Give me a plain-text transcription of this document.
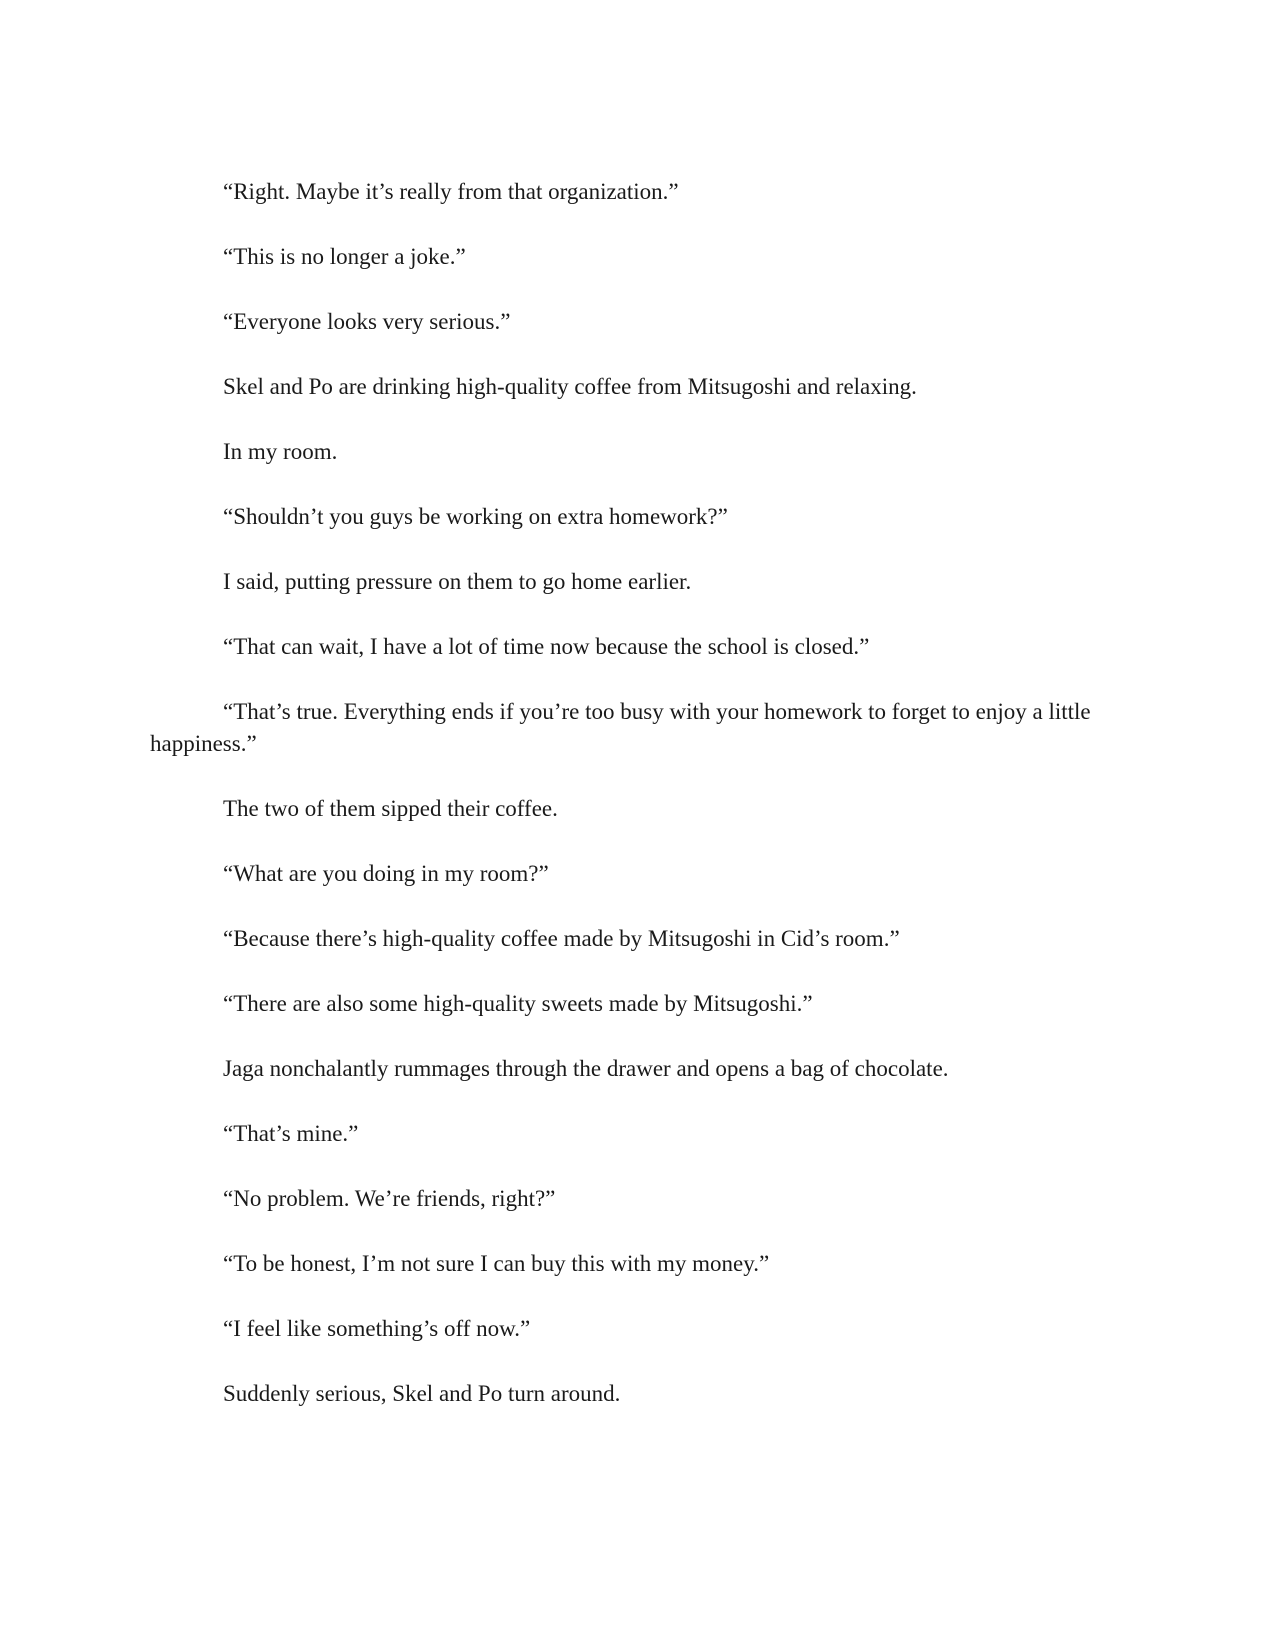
“Right. Maybe it’s really from that organization.”

“This is no longer a joke.”

“Everyone looks very serious.”

Skel and Po are drinking high-quality coffee from Mitsugoshi and relaxing.

In my room.

“Shouldn’t you guys be working on extra homework?”

I said, putting pressure on them to go home earlier.

“That can wait, I have a lot of time now because the school is closed.”

“That’s true. Everything ends if you’re too busy with your homework to forget to enjoy a little happiness.”

The two of them sipped their coffee.

“What are you doing in my room?”

“Because there’s high-quality coffee made by Mitsugoshi in Cid’s room.”

“There are also some high-quality sweets made by Mitsugoshi.”

Jaga nonchalantly rummages through the drawer and opens a bag of chocolate.

“That’s mine.”

“No problem. We’re friends, right?”

“To be honest, I’m not sure I can buy this with my money.”

“I feel like something’s off now.”

Suddenly serious, Skel and Po turn around.
